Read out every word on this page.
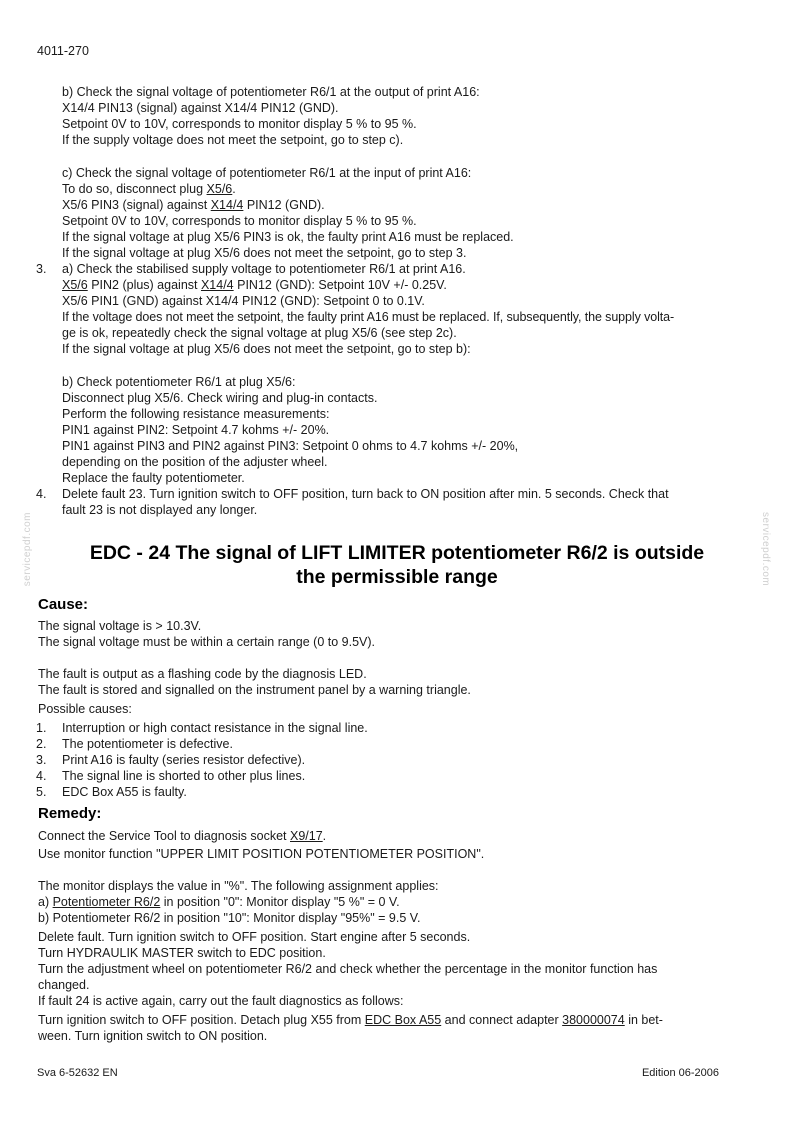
4011-270
servicepdf.com	servicepdf.com
b) Check the signal voltage of potentiometer R6/1 at the output of print A16:
X14/4 PIN13 (signal) against X14/4 PIN12 (GND).
Setpoint 0V to 10V, corresponds to monitor display 5 % to 95 %.
If the supply voltage does not meet the setpoint, go to step c).
c) Check the signal voltage of potentiometer R6/1 at the input of print A16:
To do so, disconnect plug X5/6.
X5/6 PIN3 (signal) against X14/4 PIN12 (GND).
Setpoint 0V to 10V, corresponds to monitor display 5 % to 95 %.
If the signal voltage at plug X5/6 PIN3 is ok, the faulty print A16 must be replaced.
If the signal voltage at plug X5/6 does not meet the setpoint, go to step 3.
3.	a) Check the stabilised supply voltage to potentiometer R6/1 at print A16.
X5/6 PIN2 (plus) against X14/4 PIN12 (GND): Setpoint 10V +/- 0.25V.
X5/6 PIN1 (GND) against X14/4 PIN12 (GND): Setpoint 0 to 0.1V.
If the voltage does not meet the setpoint, the faulty print A16 must be replaced. If, subsequently, the supply volta-
ge is ok, repeatedly check the signal voltage at plug X5/6 (see step 2c).
If the signal voltage at plug X5/6 does not meet the setpoint, go to step b):
b) Check potentiometer R6/1 at plug X5/6:
Disconnect plug X5/6. Check wiring and plug-in contacts.
Perform the following resistance measurements:
PIN1 against PIN2: Setpoint 4.7 kohms +/- 20%.
PIN1 against PIN3 and PIN2 against PIN3: Setpoint 0 ohms to 4.7 kohms +/- 20%,
depending on the position of the adjuster wheel.
Replace the faulty potentiometer.
4.	Delete fault 23. Turn ignition switch to OFF position, turn back to ON position after min. 5 seconds. Check that
fault 23 is not displayed any longer.
EDC - 24 The signal of LIFT LIMITER potentiometer R6/2 is outside
the permissible range
Cause:
The signal voltage is > 10.3V.
The signal voltage must be within a certain range (0 to 9.5V).
The fault is output as a flashing code by the diagnosis LED.
The fault is stored and signalled on the instrument panel by a warning triangle.
Possible causes:
1.	Interruption or high contact resistance in the signal line.
2.	The potentiometer is defective.
3.	Print A16 is faulty (series resistor defective).
4.	The signal line is shorted to other plus lines.
5.	EDC Box A55 is faulty.
Remedy:
Connect the Service Tool to diagnosis socket X9/17.
Use monitor function "UPPER LIMIT POSITION POTENTIOMETER POSITION".
The monitor displays the value in "%". The following assignment applies:
a) Potentiometer R6/2 in position "0": Monitor display "5 %" = 0 V.
b) Potentiometer R6/2 in position "10": Monitor display "95%" = 9.5 V.
Delete fault. Turn ignition switch to OFF position. Start engine after 5 seconds.
Turn HYDRAULIK MASTER switch to EDC position.
Turn the adjustment wheel on potentiometer R6/2 and check whether the percentage in the monitor function has
changed.
If fault 24 is active again, carry out the fault diagnostics as follows:
Turn ignition switch to OFF position. Detach plug X55 from EDC Box A55 and connect adapter 380000074 in bet-
ween. Turn ignition switch to ON position.
Sva 6-52632 EN	Edition 06-2006
